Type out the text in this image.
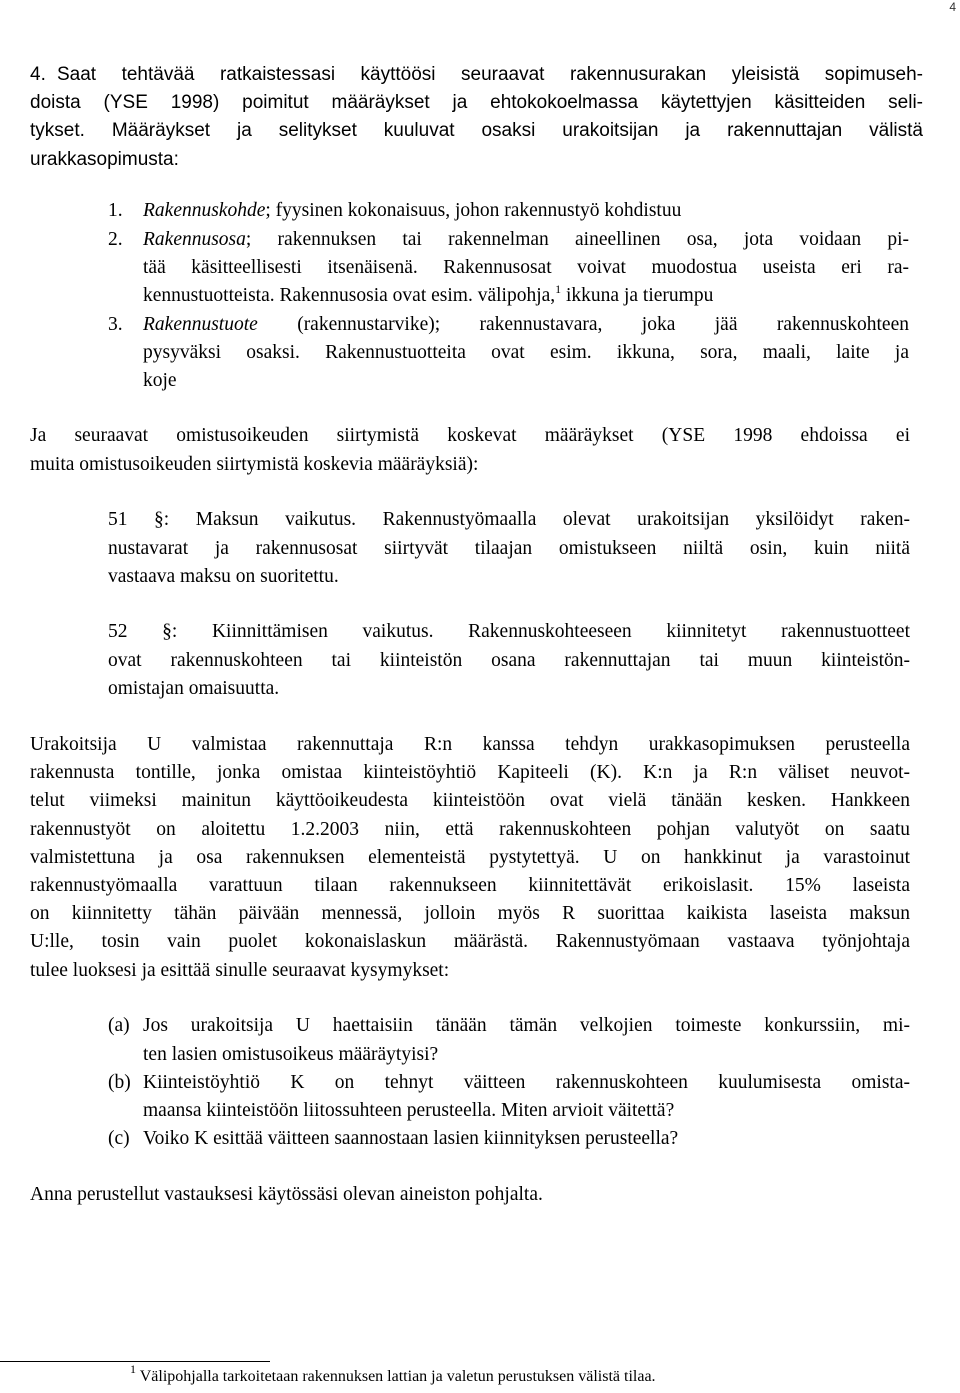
4
4. Saat tehtävää ratkaistessasi käyttöösi seuraavat rakennusurakan yleisistä sopimuseh-
doista (YSE 1998) poimitut määräykset ja ehtokokoelmassa käytettyjen käsitteiden seli-
tykset. Määräykset ja selitykset kuuluvat osaksi urakoitsijan ja rakennuttajan välistä
urakkasopimusta:
1. Rakennuskohde; fyysinen kokonaisuus, johon rakennustyö kohdistuu
2. Rakennusosa; rakennuksen tai rakennelman aineellinen osa, jota voidaan pi-
tää käsitteellisesti itsenäisenä. Rakennusosat voivat muodostua useista eri ra-
kennustuotteista. Rakennusosia ovat esim. välipohja,$^1$ ikkuna ja tierumpu
3. Rakennustuote (rakennustarvike); rakennustavara, joka jää rakennuskohteen
pysyväksi osaksi. Rakennustuotteita ovat esim. ikkuna, sora, maali, laite ja
koje
Ja seuraavat omistusoikeuden siirtymistä koskevat määräykset (YSE 1998 ehdoissa ei
muita omistusoikeuden siirtymistä koskevia määräyksiä):
51 §: Maksun vaikutus. Rakennustyömaalla olevat urakoitsijan yksilöidyt raken-
nustavarat ja rakennusosat siirtyvät tilaajan omistukseen niiltä osin, kuin niitä
vastaava maksu on suoritettu.
52 §: Kiinnittämisen vaikutus. Rakennuskohteeseen kiinnitetyt rakennustuotteet
ovat rakennuskohteen tai kiinteistön osana rakennuttajan tai muun kiinteistön-
omistajan omaisuutta.
Urakoitsija U valmistaa rakennuttaja R:n kanssa tehdyn urakkasopimuksen perusteella
rakennusta tontille, jonka omistaa kiinteistöyhtiö Kapiteeli (K). K:n ja R:n väliset neuvot-
telut viimeksi mainitun käyttöoikeudesta kiinteistöön ovat vielä tänään kesken. Hankkeen
rakennustyöt on aloitettu 1.2.2003 niin, että rakennuskohteen pohjan valutyöt on saatu
valmistettuna ja osa rakennuksen elementeistä pystytettyä. U on hankkinut ja varastoinut
rakennustyömaalla varattuun tilaan rakennukseen kiinnitettävät erikoislasit. 15% laseista
on kiinnitetty tähän päivään mennessä, jolloin myös R suorittaa kaikista laseista maksun
U:lle, tosin vain puolet kokonaislaskun määrästä. Rakennustyömaan vastaava työnjohtaja
tulee luoksesi ja esittää sinulle seuraavat kysymykset:
(a) Jos urakoitsija U haettaisiin tänään tämän velkojien toimeste konkurssiin, mi-
ten lasien omistusoikeus määräytyisi?
(b) Kiinteistöyhtiö K on tehnyt väitteen rakennuskohteen kuulumisesta omista-
maansa kiinteistöön liitossuhteen perusteella. Miten arvioit väitettä?
(c) Voiko K esittää väitteen saannostaan lasien kiinnityksen perusteella?
Anna perustellut vastauksesi käytössäsi olevan aineiston pohjalta.
$^1$ Välipohjalla tarkoitetaan rakennuksen lattian ja valetun perustuksen välistä tilaa.
